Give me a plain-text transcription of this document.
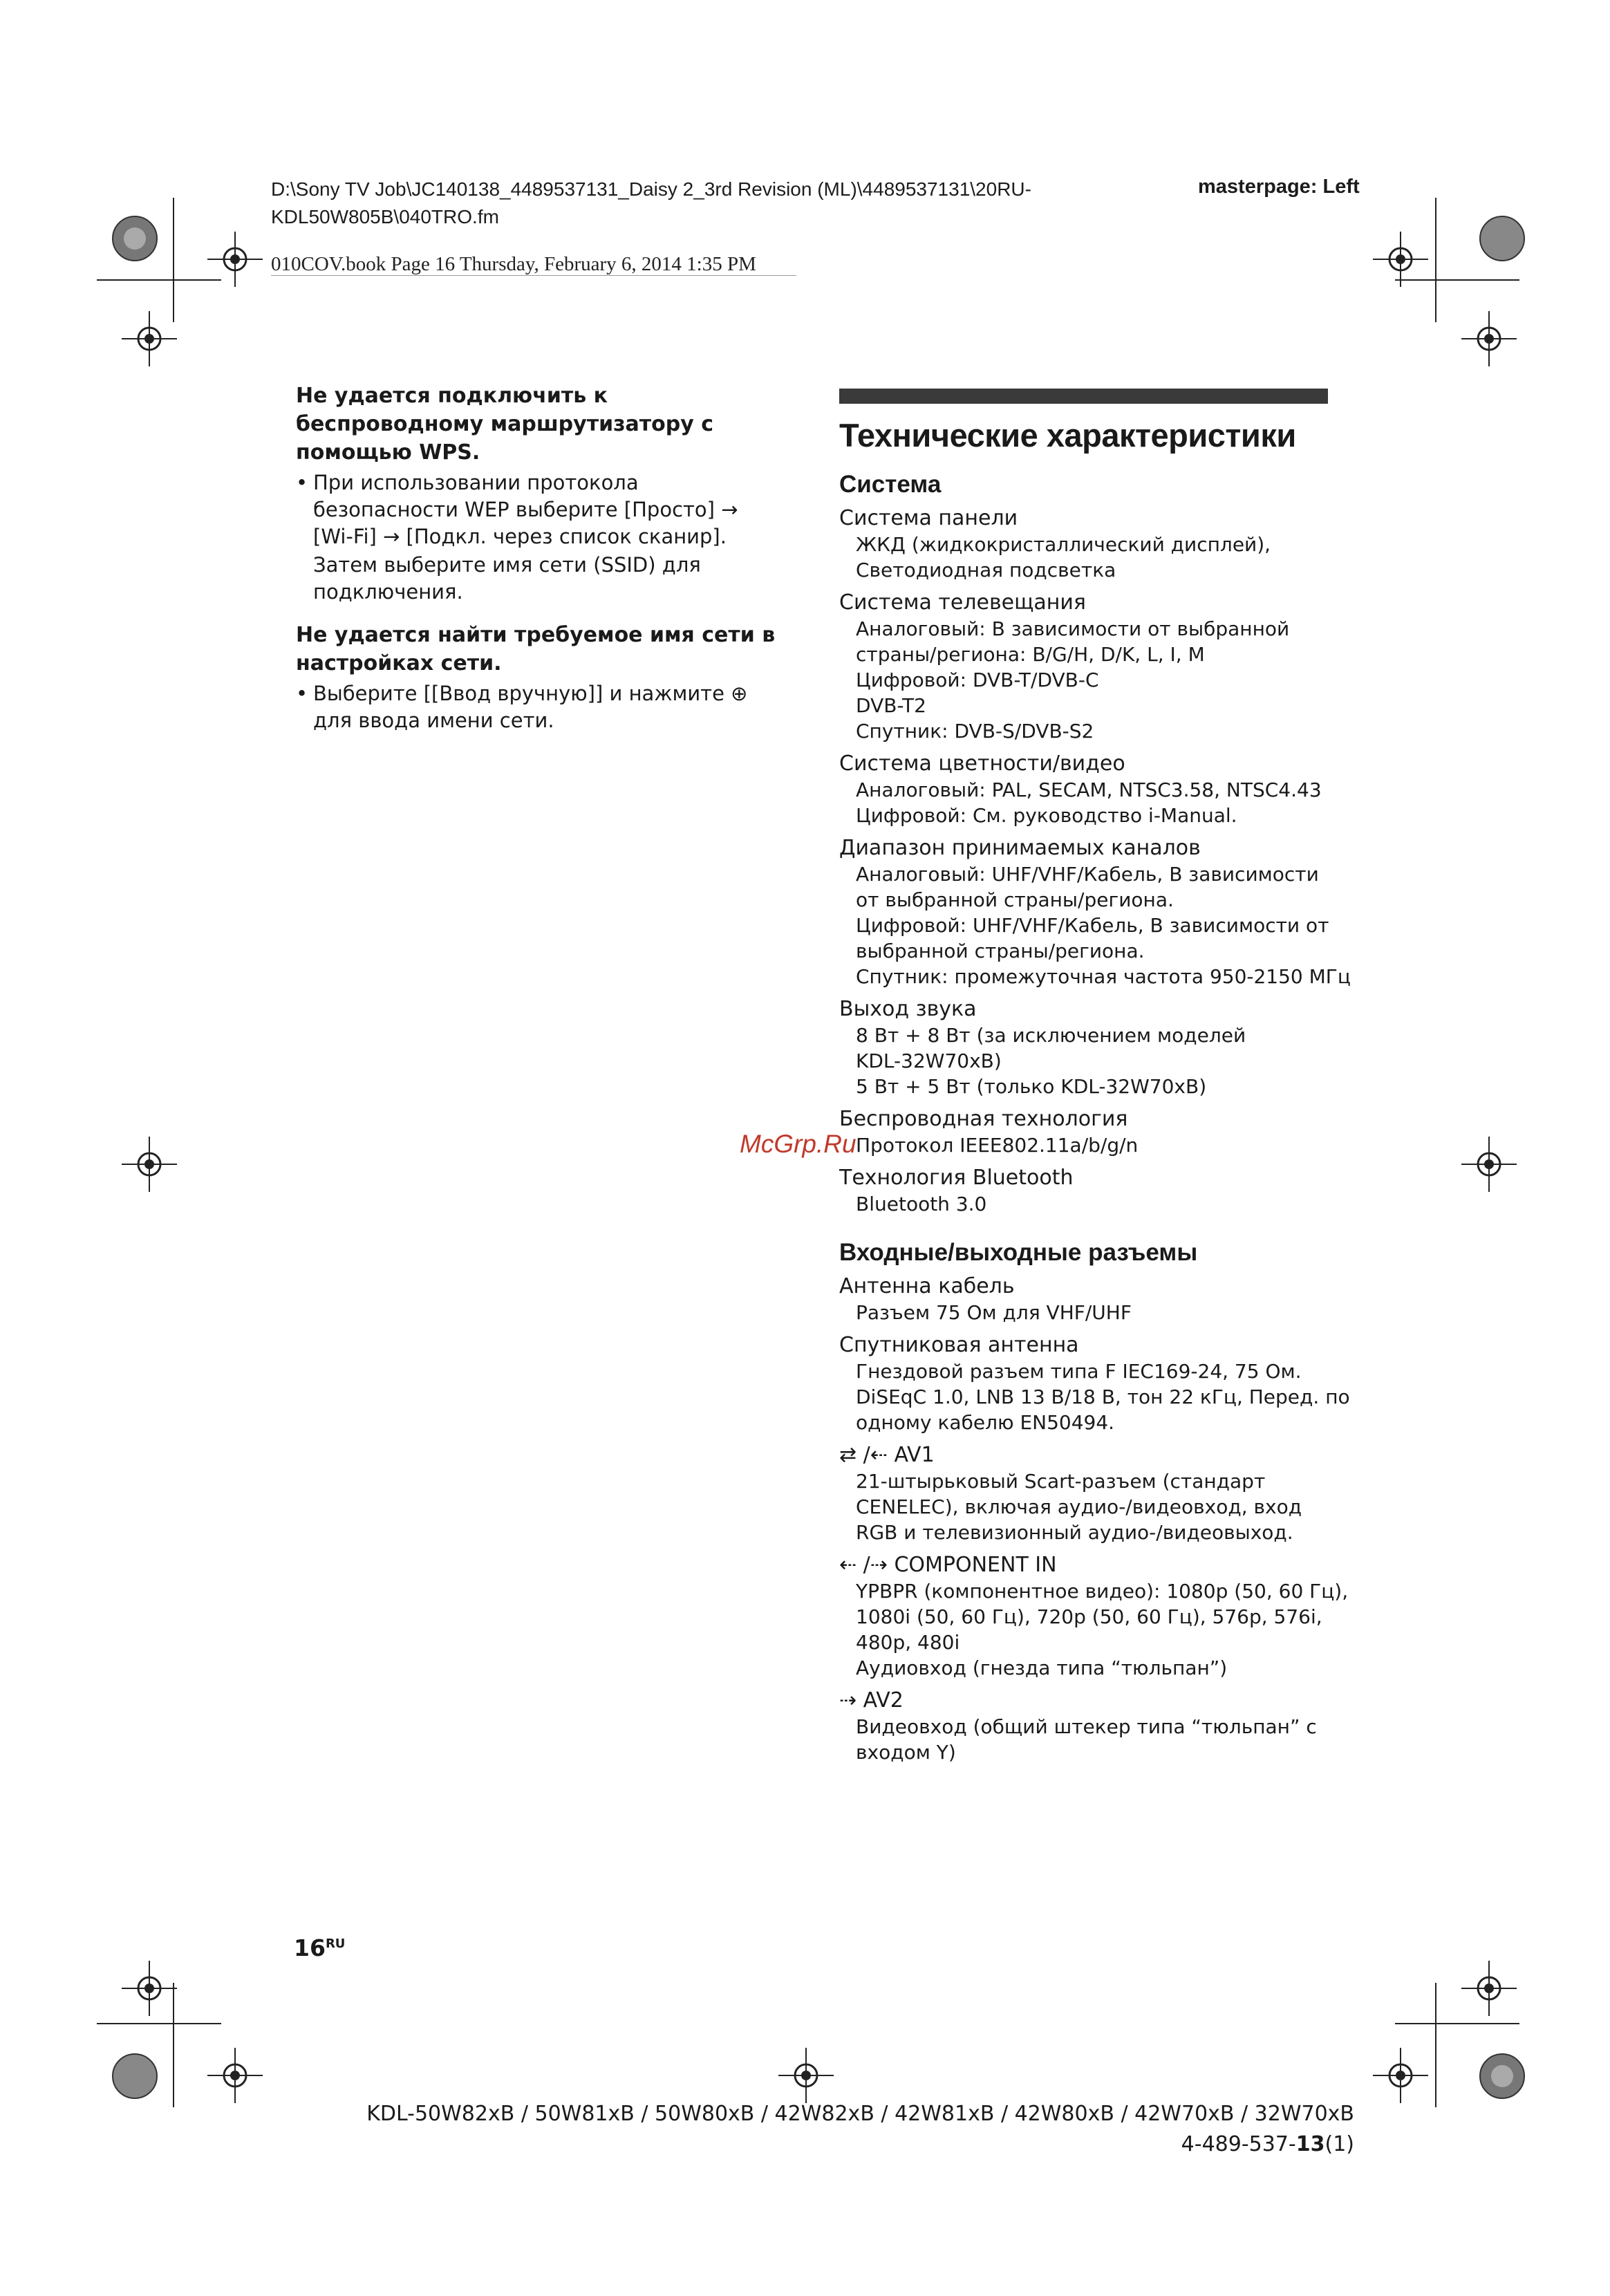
D:\Sony TV Job\JC140138_4489537131_Daisy 2_3rd Revision (ML)\4489537131\20RU-
KDL50W805B\040TRO.fm
masterpage: Left
010COV.book Page 16 Thursday, February 6, 2014 1:35 PM
Не удается подключить к беспроводному маршрутизатору с помощью WPS.
• При использовании протокола безопасности WEP выберите [Просто] → [Wi-Fi] → [Подкл. через список сканир].
Затем выберите имя сети (SSID) для подключения.
Не удается найти требуемое имя сети в настройках сети.
• Выберите [[Ввод вручную]] и нажмите ⊕ для ввода имени сети.
Технические характеристики
Система
Система панели
ЖКД (жидкокристаллический дисплей),
Светодиодная подсветка
Система телевещания
Аналоговый: В зависимости от выбранной
страны/региона: B/G/H, D/K, L, I, M
Цифровой: DVB-T/DVB-C
DVB-T2
Спутник: DVB-S/DVB-S2
Система цветности/видео
Аналоговый: PAL, SECAM, NTSC3.58, NTSC4.43
Цифровой: См. руководство i-Manual.
Диапазон принимаемых каналов
Аналоговый: UHF/VHF/Кабель, В зависимости
от выбранной страны/региона.
Цифровой: UHF/VHF/Кабель, В зависимости от
выбранной страны/региона.
Спутник: промежуточная частота 950-2150 МГц
Выход звука
8 Вт + 8 Вт (за исключением моделей
KDL-32W70xB)
5 Вт + 5 Вт (только KDL-32W70xB)
Беспроводная технология
Протокол IEEE802.11a/b/g/n
Технология Bluetooth
Bluetooth 3.0
Входные/выходные разъемы
Антенна кабель
Разъем 75 Ом для VHF/UHF
Спутниковая антенна
Гнездовой разъем типа F IEC169-24, 75 Ом.
DiSEqC 1.0, LNB 13 В/18 В, тон 22 кГц, Перед. по
одному кабелю EN50494.
⇄ /⇠ AV1
21-штырьковый Scart-разъем (стандарт
CENELEC), включая аудио-/видеовход, вход
RGB и телевизионный аудио-/видеовыход.
⇠ /⇢ COMPONENT IN
YPBPR (компонентное видео): 1080p (50, 60 Гц),
1080i (50, 60 Гц), 720p (50, 60 Гц), 576p, 576i,
480p, 480i
Аудиовход (гнезда типа “тюльпан”)
⇢ AV2
Видеовход (общий штекер типа “тюльпан” с
входом Y)
McGrp.Ru
$16^{RU}$
KDL-50W82xB / 50W81xB / 50W80xB / 42W82xB / 42W81xB / 42W80xB / 42W70xB / 32W70xB
4-489-537-13(1)
